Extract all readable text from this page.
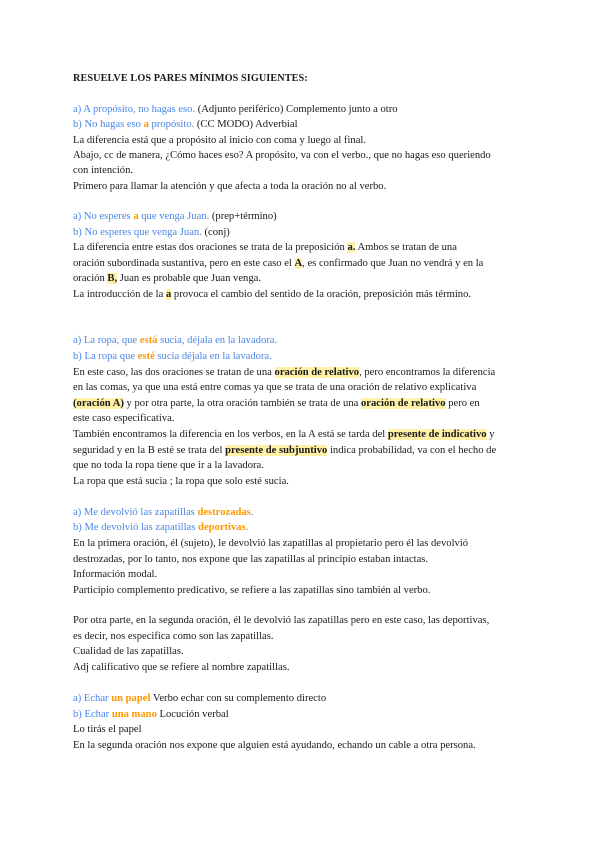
RESUELVE LOS PARES MÍNIMOS SIGUIENTES:
a) A propósito, no hagas eso. (Adjunto periférico) Complemento junto a otro
b) No hagas eso a propósito. (CC MODO) Adverbial
La diferencia está que a propósito al inicio con coma y luego al final.
Abajo, cc de manera, ¿Cómo haces eso? A propósito, va con el verbo., que no hagas eso queriendo
con intención.
Primero para llamar la atención y que afecta a toda la oración no al verbo.
a) No esperes a que venga Juan. (prep+término)
b) No esperes que venga Juan. (conj)
La diferencia entre estas dos oraciones se trata de la preposición a. Ambos se tratan de una
oración subordinada sustantiva, pero en este caso el A, es confirmado que Juan no vendrá y en la
oración B, Juan es probable que Juan venga.
La introducción de la a provoca el cambio del sentido de la oración, preposición más término.
a) La ropa, que está sucia, déjala en la lavadora.
b) La ropa que esté sucia déjala en la lavadora.
En este caso, las dos oraciones se tratan de una oración de relativo, pero encontramos la diferencia
en las comas, ya que una está entre comas ya que se trata de una oración de relativo explicativa
(oración A) y por otra parte, la otra oración también se trata de una oración de relativo pero en
este caso especificativa.
También encontramos la diferencia en los verbos, en la A está se tarda del presente de indicativo y
seguridad y en la B esté se trata del presente de subjuntivo indica probabilidad, va con el hecho de
que no toda la ropa tiene que ir a la lavadora.
La ropa que está sucia ; la ropa que solo esté sucia.
a) Me devolvió las zapatillas destrozadas.
b) Me devolvió las zapatillas deportivas.
En la primera oración, él (sujeto), le devolvió las zapatillas al propietario pero él las devolvió
destrozadas, por lo tanto, nos expone que las zapatillas al principio estaban intactas.
Información modal.
Participio complemento predicativo, se refiere a las zapatillas sino también al verbo.
Por otra parte, en la segunda oración, él le devolvió las zapatillas pero en este caso, las deportivas,
es decir, nos especifica como son las zapatillas.
Cualidad de las zapatillas.
Adj calificativo que se refiere al nombre zapatillas.
a) Echar un papel Verbo echar con su complemento directo
b) Echar una mano Locución verbal
Lo tirás el papel
En la segunda oración nos expone que alguien está ayudando, echando un cable a otra persona.
